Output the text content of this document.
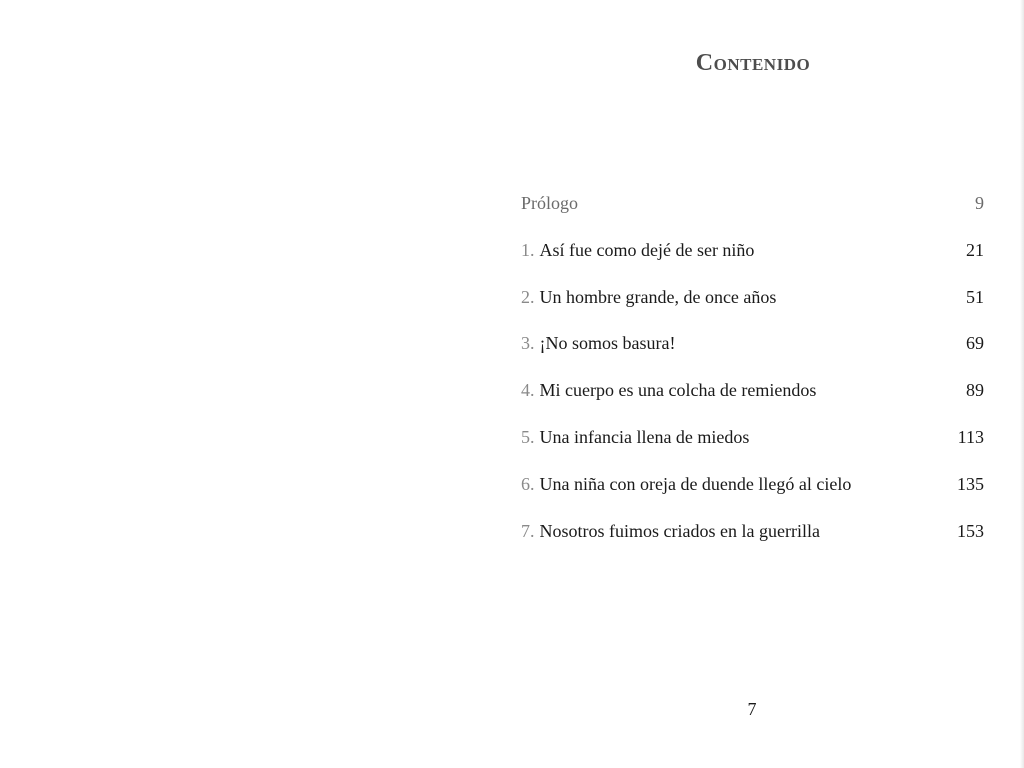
Contenido
Prólogo	9
1. Así fue como dejé de ser niño	21
2. Un hombre grande, de once años	51
3. ¡No somos basura!	69
4. Mi cuerpo es una colcha de remiendos	89
5. Una infancia llena de miedos	113
6. Una niña con oreja de duende llegó al cielo	135
7. Nosotros fuimos criados en la guerrilla	153
7
